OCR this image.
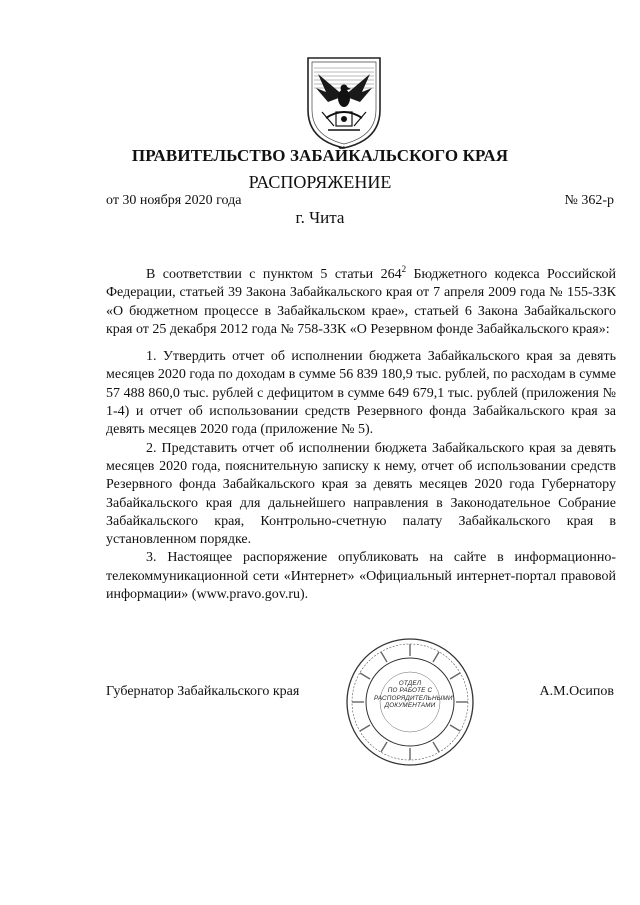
ПРАВИТЕЛЬСТВО ЗАБАЙКАЛЬСКОГО КРАЯ
РАСПОРЯЖЕНИЕ
от 30 ноября 2020 года	№ 362-р
г. Чита

В соответствии с пунктом 5 статьи $264^2$ Бюджетного кодекса Российской Федерации, статьей 39 Закона Забайкальского края от 7 апреля 2009 года № 155-ЗЗК «О бюджетном процессе в Забайкальском крае», статьей 6 Закона Забайкальского края от 25 декабря 2012 года № 758-ЗЗК «О Резервном фонде Забайкальского края»:

1. Утвердить отчет об исполнении бюджета Забайкальского края за девять месяцев 2020 года по доходам в сумме 56 839 180,9 тыс. рублей, по расходам в сумме 57 488 860,0 тыс. рублей с дефицитом в сумме 649 679,1 тыс. рублей (приложения № 1-4) и отчет об использовании средств Резервного фонда Забайкальского края за девять месяцев 2020 года (приложение № 5).

2. Представить отчет об исполнении бюджета Забайкальского края за девять месяцев 2020 года, пояснительную записку к нему, отчет об использовании средств Резервного фонда Забайкальского края за девять месяцев 2020 года Губернатору Забайкальского края для дальнейшего направления в Законодательное Собрание Забайкальского края, Контрольно-счетную палату Забайкальского края в установленном порядке.

3. Настоящее распоряжение опубликовать на сайте в информационно-телекоммуникационной сети «Интернет» «Официальный интернет-портал правовой информации» (www.pravo.gov.ru).

ОТДЕЛ
ПО РАБОТЕ С
РАСПОРЯДИТЕЛЬНЫМИ
ДОКУМЕНТАМИ
Губернатор Забайкальского края	А.М.Осипов
